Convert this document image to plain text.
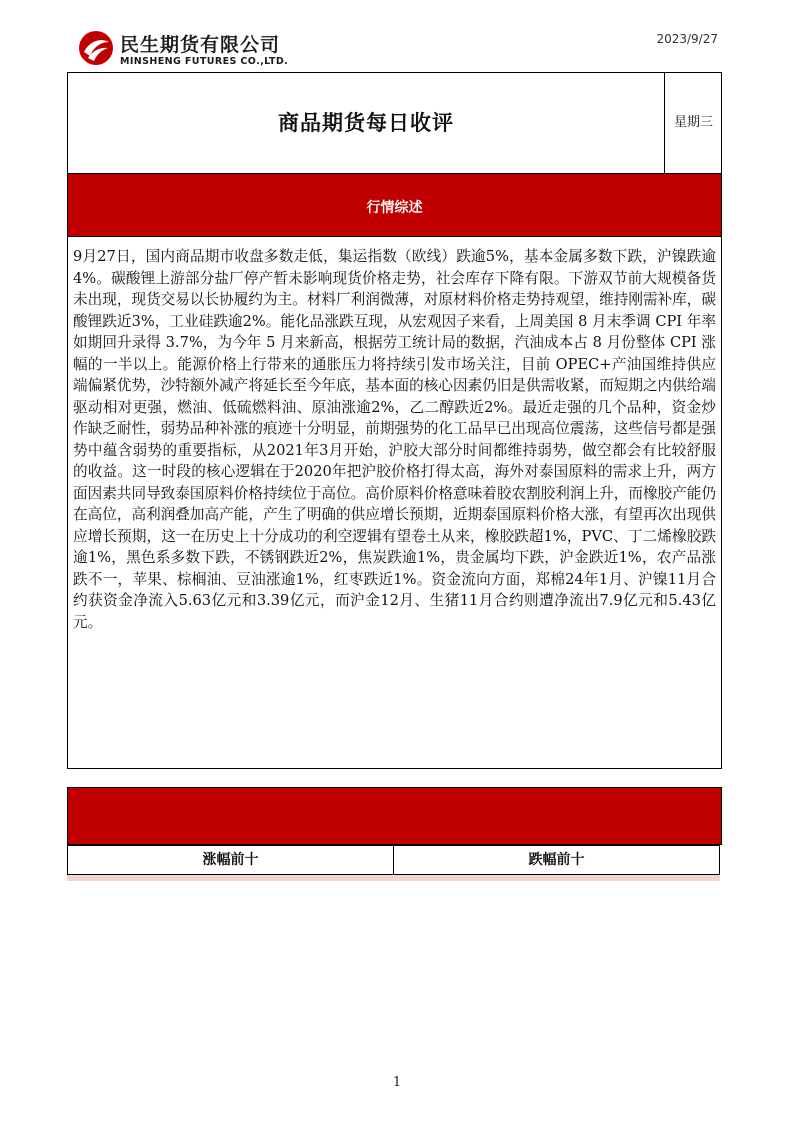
民生期货有限公司
MINSHENG FUTURES CO.,LTD.
2023/9/27
商品期货每日收评	星期三
行情综述
9月27日，国内商品期市收盘多数走低，集运指数（欧线）跌逾5%，基本金属多数下跌，沪镍跌逾4%。碳酸锂上游部分盐厂停产暂未影响现货价格走势，社会库存下降有限。下游双节前大规模备货未出现，现货交易以长协履约为主。材料厂利润微薄，对原材料价格走势持观望，维持刚需补库，碳酸锂跌近3%，工业硅跌逾2%。能化品涨跌互现，从宏观因子来看，上周美国 8 月末季调 CPI 年率如期回升录得 3.7%，为今年 5 月来新高，根据劳工统计局的数据，汽油成本占 8 月份整体 CPI 涨幅的一半以上。能源价格上行带来的通胀压力将持续引发市场关注，目前 OPEC+产油国维持供应端偏紧优势，沙特额外减产将延长至今年底，基本面的核心因素仍旧是供需收紧，而短期之内供给端驱动相对更强，燃油、低硫燃料油、原油涨逾2%，乙二醇跌近2%。最近走强的几个品种，资金炒作缺乏耐性，弱势品种补涨的痕迹十分明显，前期强势的化工品早已出现高位震荡，这些信号都是强势中蕴含弱势的重要指标，从2021年3月开始，沪胶大部分时间都维持弱势，做空都会有比较舒服的收益。这一时段的核心逻辑在于2020年把沪胶价格打得太高，海外对泰国原料的需求上升，两方面因素共同导致泰国原料价格持续位于高位。高价原料价格意味着胶农割胶利润上升，而橡胶产能仍在高位，高利润叠加高产能，产生了明确的供应增长预期，近期泰国原料价格大涨，有望再次出现供应增长预期，这一在历史上十分成功的利空逻辑有望卷土从来，橡胶跌超1%，PVC、丁二烯橡胶跌逾1%，黑色系多数下跌，不锈钢跌近2%，焦炭跌逾1%，贵金属均下跌，沪金跌近1%，农产品涨跌不一，苹果、棕榈油、豆油涨逾1%，红枣跌近1%。资金流向方面，郑棉24年1月、沪镍11月合约获资金净流入5.63亿元和3.39亿元，而沪金12月、生猪11月合约则遭净流出7.9亿元和5.43亿元。
涨幅前十	跌幅前十
1
